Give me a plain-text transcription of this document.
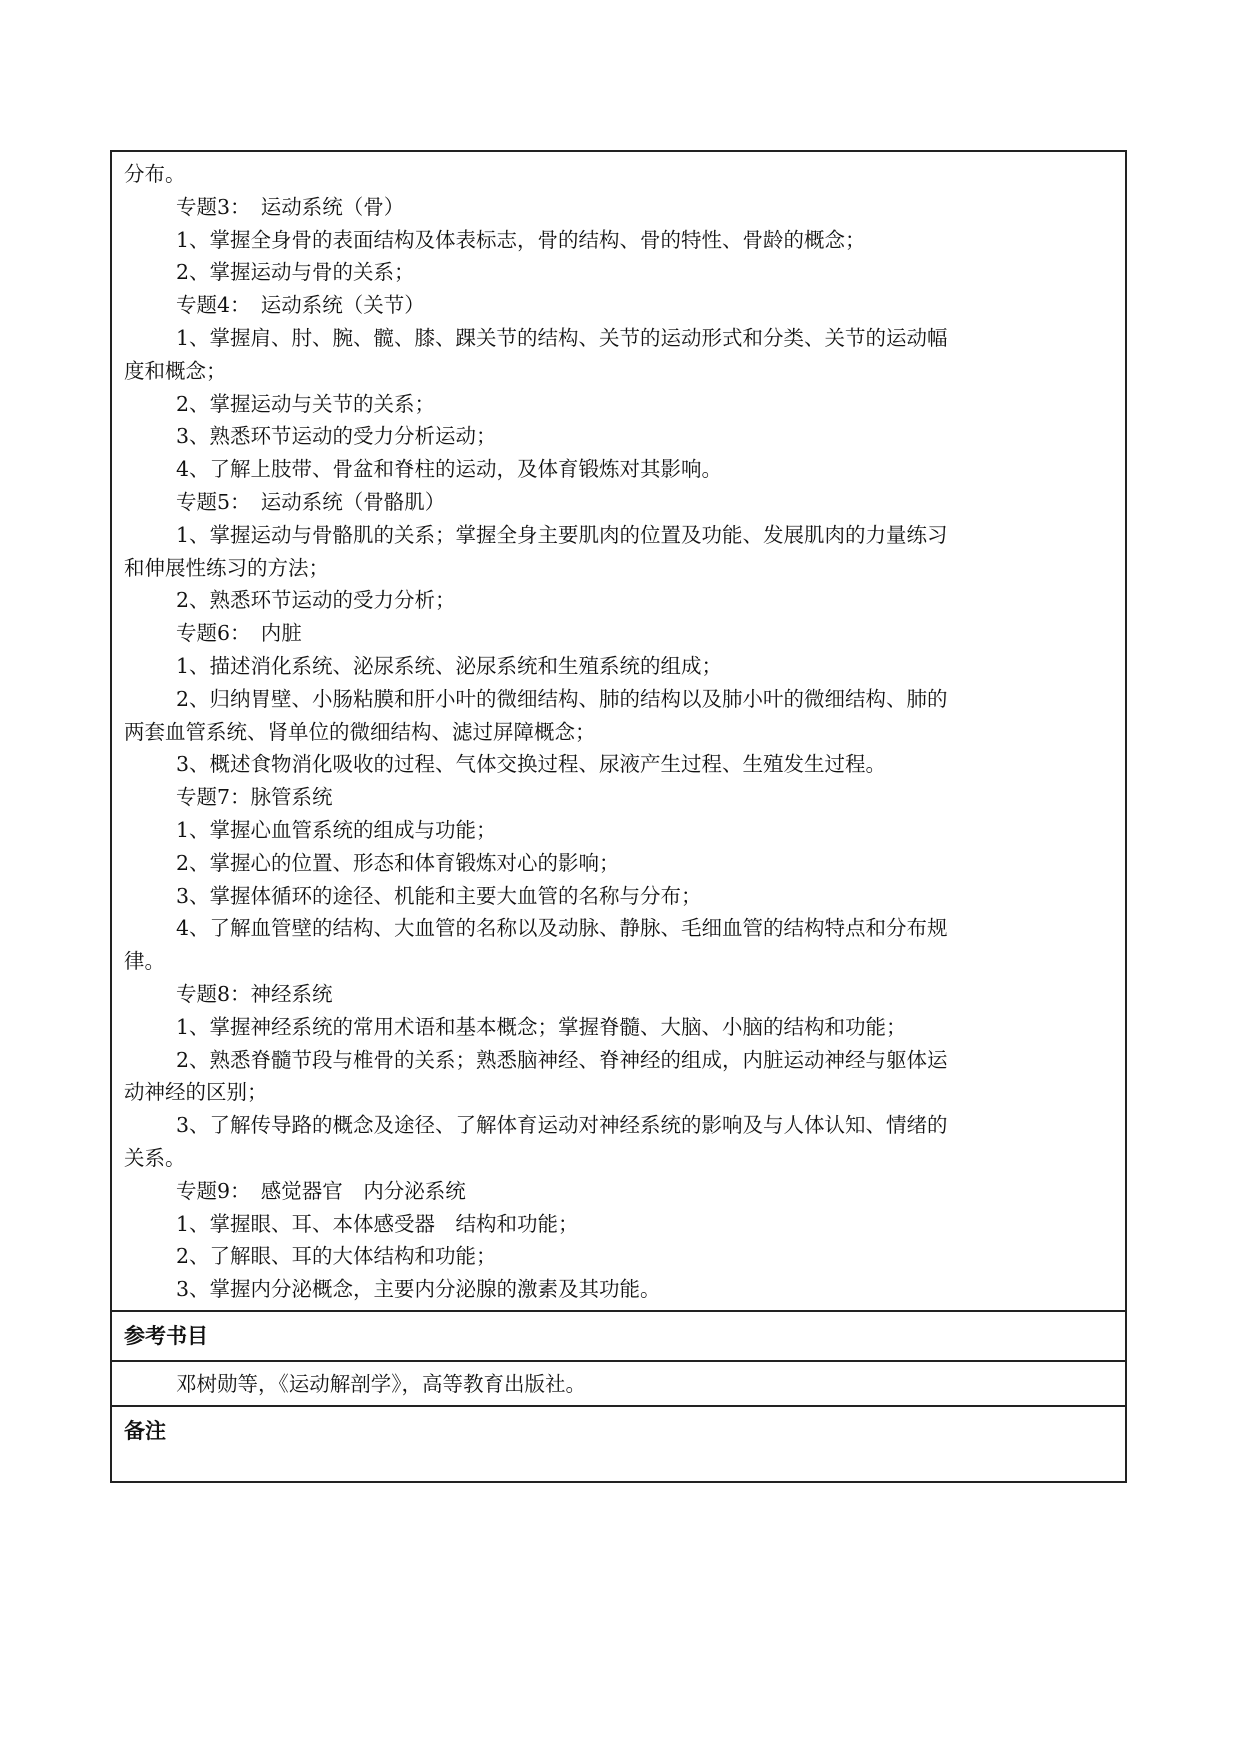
分布。
专题3：　运动系统（骨）
1、掌握全身骨的表面结构及体表标志，骨的结构、骨的特性、骨龄的概念；
2、掌握运动与骨的关系；
专题4：　运动系统（关节）
1、掌握肩、肘、腕、髋、膝、踝关节的结构、关节的运动形式和分类、关节的运动幅
度和概念；
2、掌握运动与关节的关系；
3、熟悉环节运动的受力分析运动；
4、了解上肢带、骨盆和脊柱的运动，及体育锻炼对其影响。
专题5：　运动系统（骨骼肌）
1、掌握运动与骨骼肌的关系；掌握全身主要肌肉的位置及功能、发展肌肉的力量练习
和伸展性练习的方法；
2、熟悉环节运动的受力分析；
专题6：　内脏
1、描述消化系统、泌尿系统、泌尿系统和生殖系统的组成；
2、归纳胃壁、小肠粘膜和肝小叶的微细结构、肺的结构以及肺小叶的微细结构、肺的
两套血管系统、肾单位的微细结构、滤过屏障概念；
3、概述食物消化吸收的过程、气体交换过程、尿液产生过程、生殖发生过程。
专题7：脉管系统
1、掌握心血管系统的组成与功能；
2、掌握心的位置、形态和体育锻炼对心的影响；
3、掌握体循环的途径、机能和主要大血管的名称与分布；
4、了解血管壁的结构、大血管的名称以及动脉、静脉、毛细血管的结构特点和分布规
律。
专题8：神经系统
1、掌握神经系统的常用术语和基本概念；掌握脊髓、大脑、小脑的结构和功能；
2、熟悉脊髓节段与椎骨的关系；熟悉脑神经、脊神经的组成，内脏运动神经与躯体运
动神经的区别；
3、了解传导路的概念及途径、了解体育运动对神经系统的影响及与人体认知、情绪的
关系。
专题9：　感觉器官　内分泌系统
1、掌握眼、耳、本体感受器　结构和功能；
2、了解眼、耳的大体结构和功能；
3、掌握内分泌概念，主要内分泌腺的激素及其功能。
参考书目
邓树勋等，《运动解剖学》，高等教育出版社。
备注
